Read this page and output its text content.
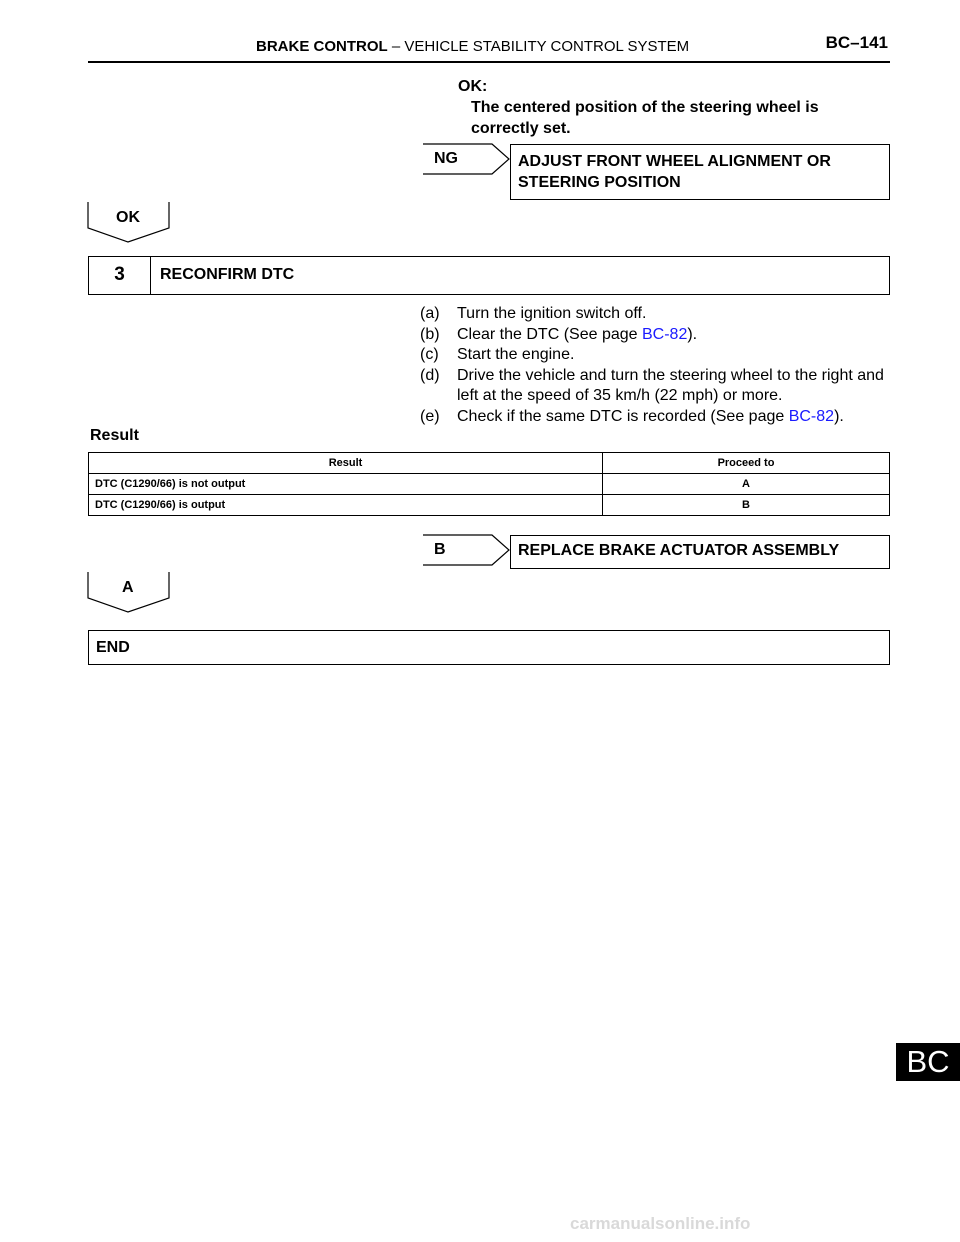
BRAKE CONTROL – VEHICLE STABILITY CONTROL SYSTEM	BC–141
OK:
The centered position of the steering wheel is correctly set.
NG	ADJUST FRONT WHEEL ALIGNMENT OR STEERING POSITION
OK
3	RECONFIRM DTC
(a)	Turn the ignition switch off.
(b)	Clear the DTC (See page BC-82).
(c)	Start the engine.
(d)	Drive the vehicle and turn the steering wheel to the right and left at the speed of 35 km/h (22 mph) or more.
(e)	Check if the same DTC is recorded (See page BC-82).
Result
Result	Proceed to
DTC (C1290/66) is not output	A
DTC (C1290/66) is output	B
B	REPLACE BRAKE ACTUATOR ASSEMBLY
A
END
BC
carmanualsonline.info
